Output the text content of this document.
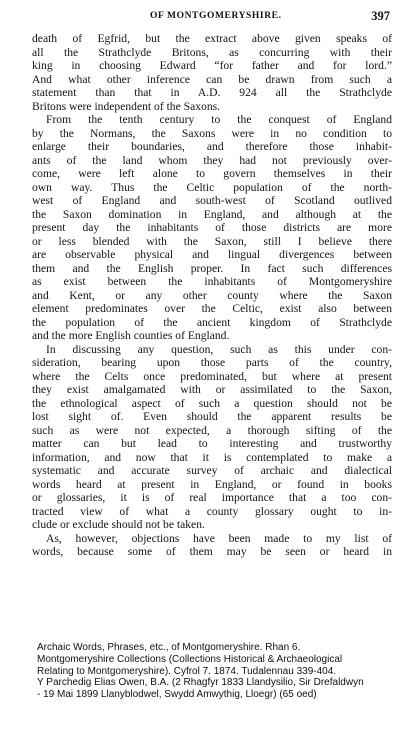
OF MONTGOMERYSHIRE.	397
death of Egfrid, but the extract above given speaks of
all the Strathclyde Britons, as concurring with their
king in choosing Edward “for father and for lord.”
And what other inference can be drawn from such a
statement than that in A.D. 924 all the Strathclyde
Britons were independent of the Saxons.
From the tenth century to the conquest of England
by the Normans, the Saxons were in no condition to
enlarge their boundaries, and therefore those inhabit-
ants of the land whom they had not previously over-
come, were left alone to govern themselves in their
own way. Thus the Celtic population of the north-
west of England and south-west of Scotland outlived
the Saxon domination in England, and although at the
present day the inhabitants of those districts are more
or less blended with the Saxon, still I believe there
are observable physical and lingual divergences between
them and the English proper. In fact such differences
as exist between the inhabitants of Montgomeryshire
and Kent, or any other county where the Saxon
element predominates over the Celtic, exist also between
the population of the ancient kingdom of Strathclyde
and the more English counties of England.
In discussing any question, such as this under con-
sideration, bearing upon those parts of the country,
where the Celts once predominated, but where at present
they exist amalgamated with or assimilated to the Saxon,
the ethnological aspect of such a question should not be
lost sight of. Even should the apparent results be
such as were not expected, a thorough sifting of the
matter can but lead to interesting and trustworthy
information, and now that it is contemplated to make a
systematic and accurate survey of archaic and dialectical
words heard at present in England, or found in books
or glossaries, it is of real importance that a too con-
tracted view of what a county glossary ought to in-
clude or exclude should not be taken.
As, however, objections have been made to my list of
words, because some of them may be seen or heard in
Archaic Words, Phrases, etc., of Montgomeryshire. Rhan 6.
Montgomeryshire Collections (Collections Historical & Archaeological
Relating to Montgomeryshire). Cyfrol 7. 1874. Tudalennau 339-404.
Y Parchedig Elias Owen, B.A. (2 Rhagfyr 1833 Llandysilio, Sir Drefaldwyn
- 19 Mai 1899 Llanyblodwel, Swydd Amwythig, Lloegr) (65 oed)
